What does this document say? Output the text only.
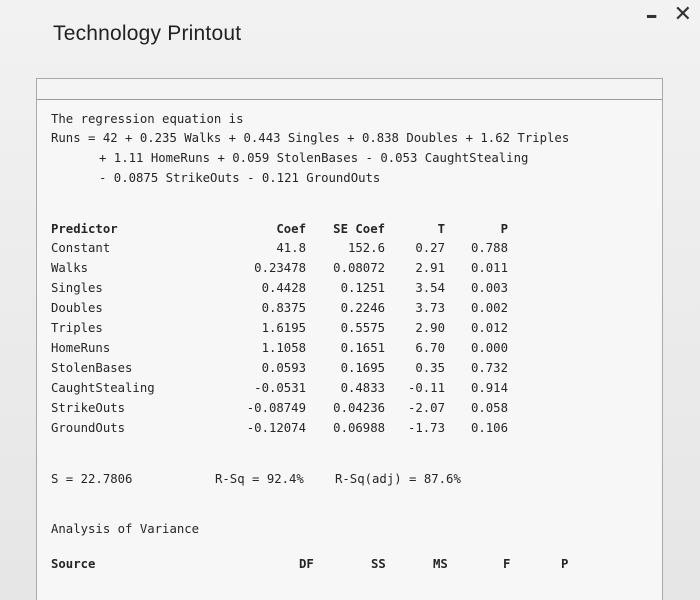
– ✕
Technology Printout
The regression equation is
Runs = 42 + 0.235 Walks + 0.443 Singles + 0.838 Doubles + 1.62 Triples
+ 1.11 HomeRuns + 0.059 StolenBases - 0.053 CaughtStealing
- 0.0875 StrikeOuts - 0.121 GroundOuts
Predictor	Coef SE Coef	T	P
Constant	41.8	152.6 0.27 0.788
Walks	0.23478 0.08072 2.91 0.011
Singles	0.4428	0.1251 3.54 0.003
Doubles	0.8375	0.2246 3.73 0.002
Triples	1.6195	0.5575 2.90 0.012
HomeRuns	1.1058	0.1651 6.70 0.000
StolenBases	0.0593	0.1695 0.35 0.732
CaughtStealing	-0.0531	0.4833 -0.11 0.914
StrikeOuts	-0.08749 0.04236 -2.07 0.058
GroundOuts	-0.12074 0.06988 -1.73 0.106
S = 22.7806	R-Sq = 92.4%	R-Sq(adj) = 87.6%
Analysis of Variance
Source	DF	SS	MS	F	P
